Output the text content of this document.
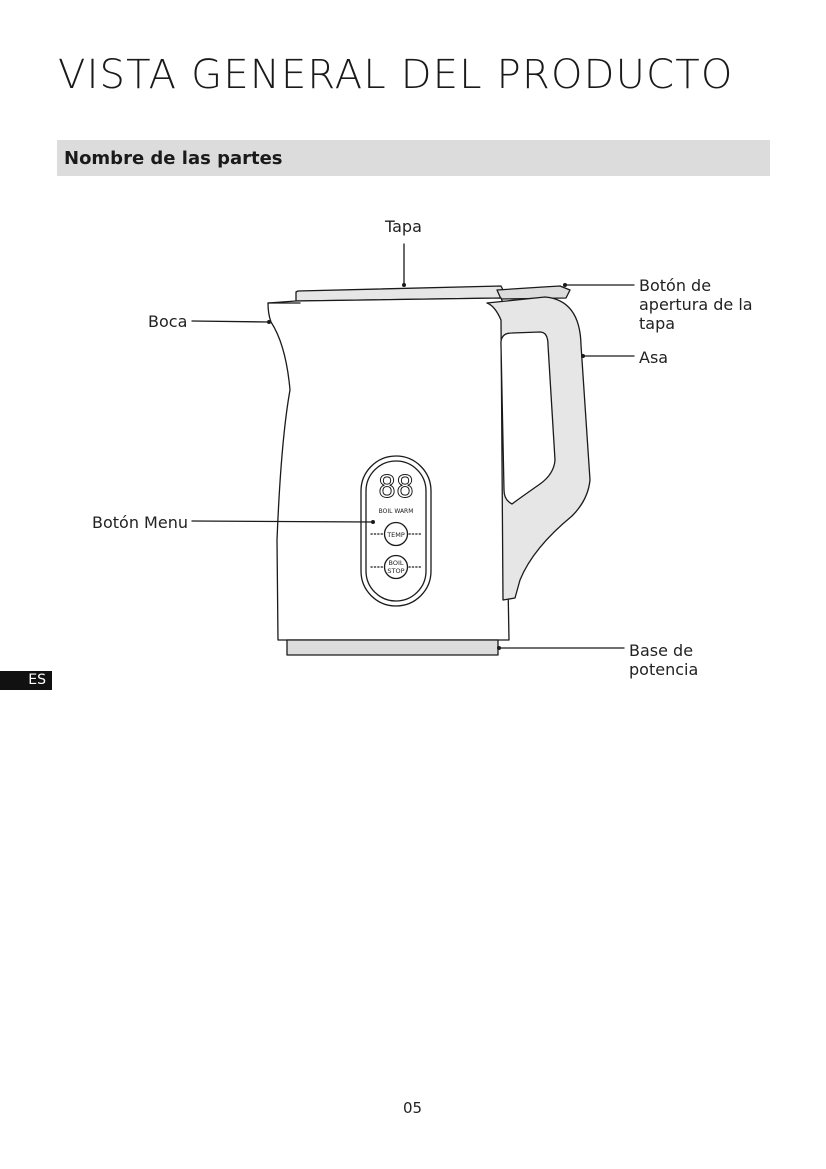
VISTA GENERAL DEL PRODUCTO
Nombre de las partes
88
BOIL WARM
TEMP
BOIL
STOP
Tapa
Boca
Botón de apertura de la tapa
Asa
Botón Menu
Base de potencia
ES
05
